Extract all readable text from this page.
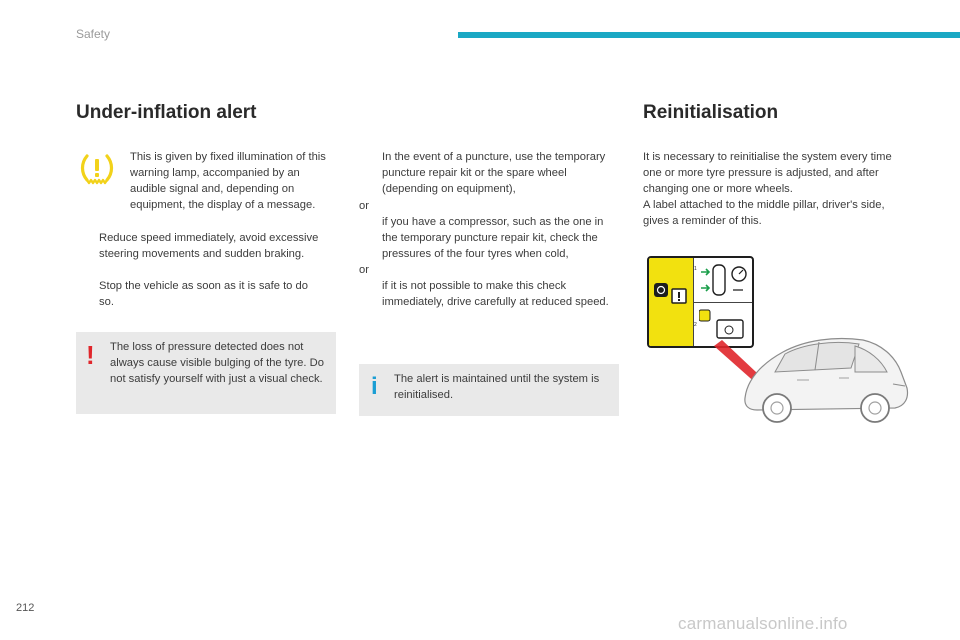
Safety
Under-inflation alert
This is given by fixed illumination of this warning lamp, accompanied by an audible signal and, depending on equipment, the display of a message.
Reduce speed immediately, avoid excessive steering movements and sudden braking.
Stop the vehicle as soon as it is safe to do so.
! The loss of pressure detected does not always cause visible bulging of the tyre. Do not satisfy yourself with just a visual check.
In the event of a puncture, use the temporary puncture repair kit or the spare wheel (depending on equipment),
or
if you have a compressor, such as the one in the temporary puncture repair kit, check the pressures of the four tyres when cold,
or
if it is not possible to make this check immediately, drive carefully at reduced speed.
i The alert is maintained until the system is reinitialised.
Reinitialisation
It is necessary to reinitialise the system every time one or more tyre pressure is adjusted, and after changing one or more wheels.
A label attached to the middle pillar, driver's side, gives a reminder of this.
1
2
212
carmanualsonline.info
